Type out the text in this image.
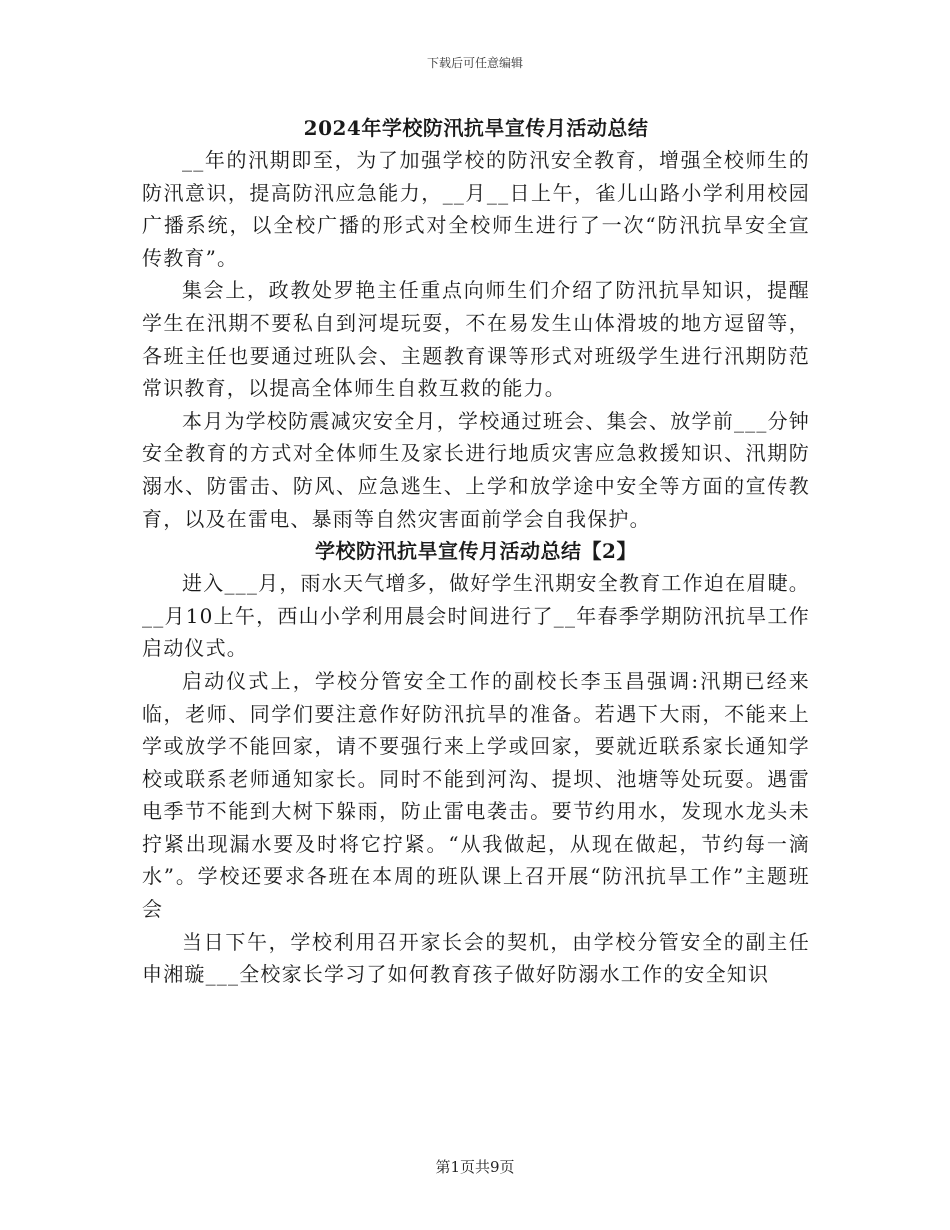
下载后可任意编辑
2024年学校防汛抗旱宣传月活动总结

__年的汛期即至，为了加强学校的防汛安全教育，增强全校师生的防汛意识，提高防汛应急能力，__月__日上午，雀儿山路小学利用校园广播系统，以全校广播的形式对全校师生进行了一次“防汛抗旱安全宣传教育”。

集会上，政教处罗艳主任重点向师生们介绍了防汛抗旱知识，提醒学生在汛期不要私自到河堤玩耍，不在易发生山体滑坡的地方逗留等，各班主任也要通过班队会、主题教育课等形式对班级学生进行汛期防范常识教育，以提高全体师生自救互救的能力。

本月为学校防震减灾安全月，学校通过班会、集会、放学前___分钟安全教育的方式对全体师生及家长进行地质灾害应急救援知识、汛期防溺水、防雷击、防风、应急逃生、上学和放学途中安全等方面的宣传教育，以及在雷电、暴雨等自然灾害面前学会自我保护。

学校防汛抗旱宣传月活动总结【2】

进入___月，雨水天气增多，做好学生汛期安全教育工作迫在眉睫。__月10上午，西山小学利用晨会时间进行了__年春季学期防汛抗旱工作启动仪式。

启动仪式上，学校分管安全工作的副校长李玉昌强调:汛期已经来临，老师、同学们要注意作好防汛抗旱的准备。若遇下大雨，不能来上学或放学不能回家，请不要强行来上学或回家，要就近联系家长通知学校或联系老师通知家长。同时不能到河沟、提坝、池塘等处玩耍。遇雷电季节不能到大树下躲雨，防止雷电袭击。要节约用水，发现水龙头未拧紧出现漏水要及时将它拧紧。“从我做起，从现在做起，节约每一滴水”。学校还要求各班在本周的班队课上召开展“防汛抗旱工作”主题班会

当日下午，学校利用召开家长会的契机，由学校分管安全的副主任申湘璇___全校家长学习了如何教育孩子做好防溺水工作的安全知识

第1页共9页
